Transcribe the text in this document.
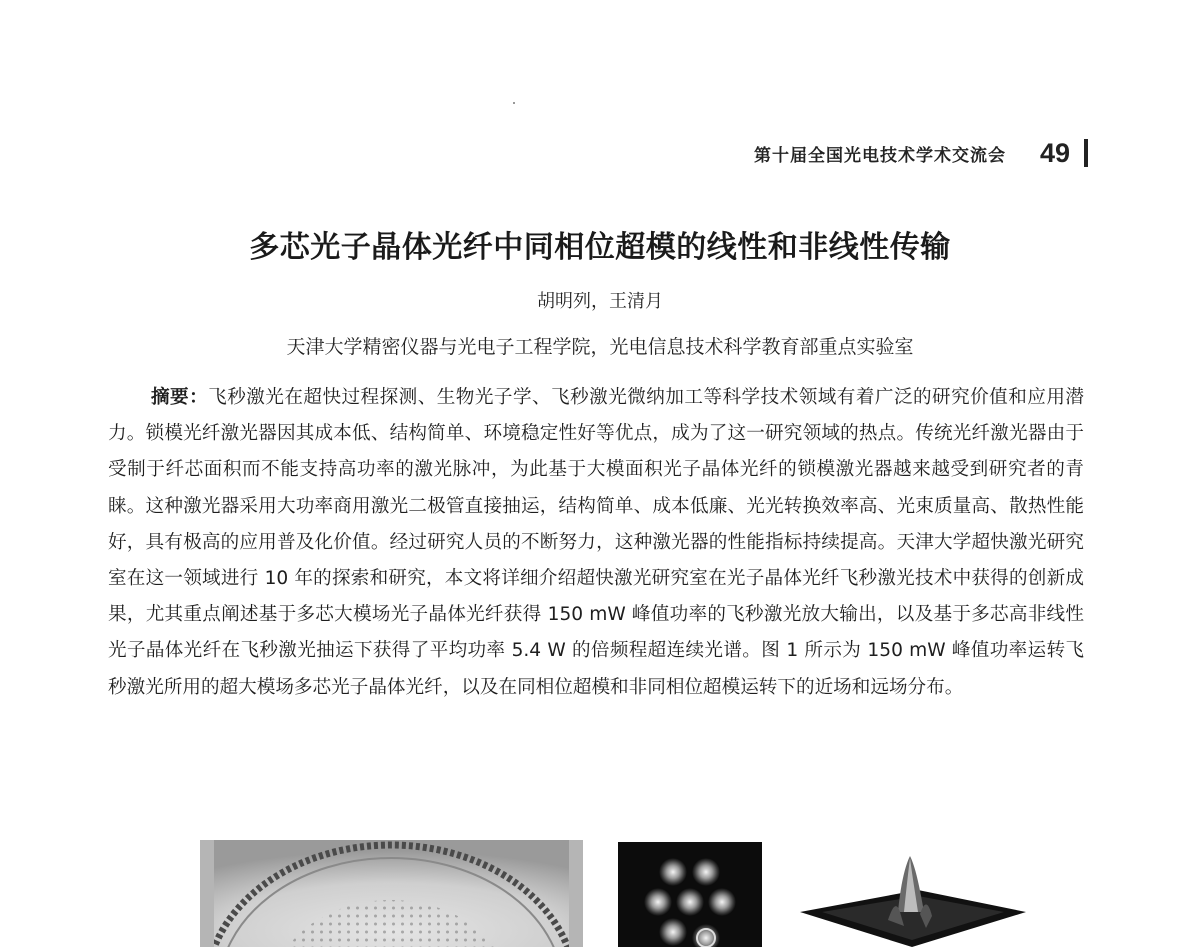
第十届全国光电技术学术交流会 49
多芯光子晶体光纤中同相位超模的线性和非线性传输
胡明列，王清月
天津大学精密仪器与光电子工程学院，光电信息技术科学教育部重点实验室

摘要：飞秒激光在超快过程探测、生物光子学、飞秒激光微纳加工等科学技术领域有着广泛的研究价值和应用潜力。锁模光纤激光器因其成本低、结构简单、环境稳定性好等优点，成为了这一研究领域的热点。传统光纤激光器由于受制于纤芯面积而不能支持高功率的激光脉冲，为此基于大模面积光子晶体光纤的锁模激光器越来越受到研究者的青睐。这种激光器采用大功率商用激光二极管直接抽运，结构简单、成本低廉、光光转换效率高、光束质量高、散热性能好，具有极高的应用普及化价值。经过研究人员的不断努力，这种激光器的性能指标持续提高。天津大学超快激光研究室在这一领域进行 10 年的探索和研究，本文将详细介绍超快激光研究室在光子晶体光纤飞秒激光技术中获得的创新成果，尤其重点阐述基于多芯大模场光子晶体光纤获得 150 mW 峰值功率的飞秒激光放大输出，以及基于多芯高非线性光子晶体光纤在飞秒激光抽运下获得了平均功率 5.4 W 的倍频程超连续光谱。图 1 所示为 150 mW 峰值功率运转飞秒激光所用的超大模场多芯光子晶体光纤，以及在同相位超模和非同相位超模运转下的近场和远场分布。
